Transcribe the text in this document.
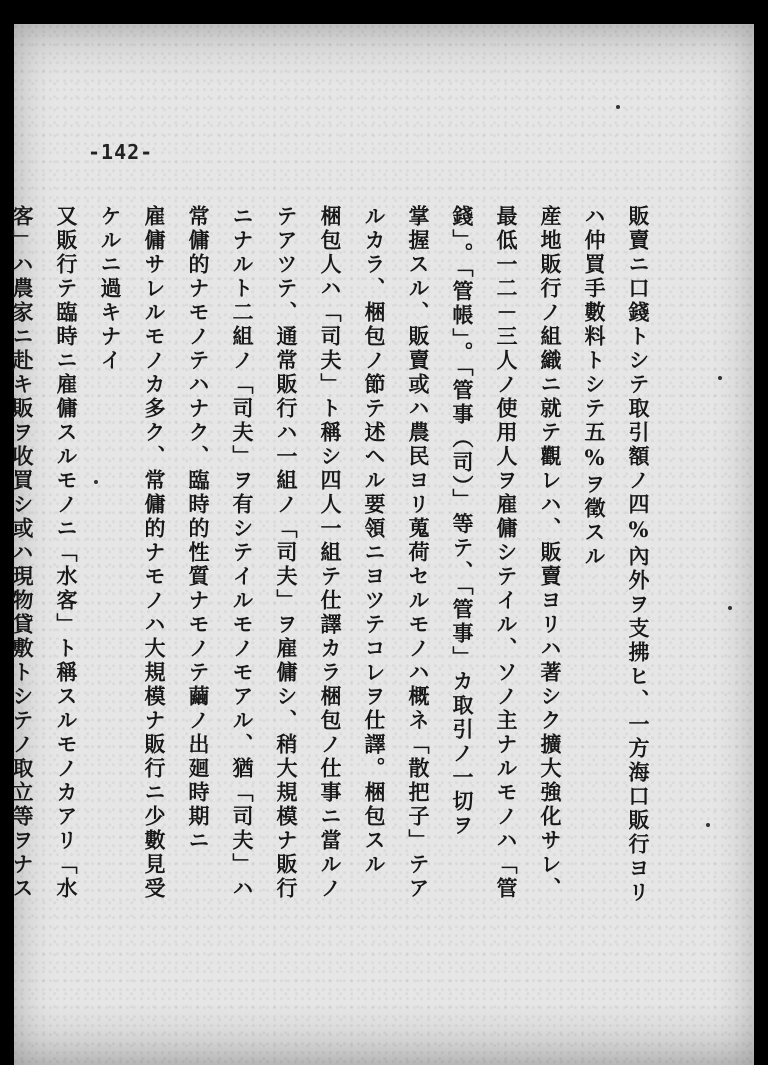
-142-
販賣ニ口錢トシテ取引額ノ四%內外ヲ支拂ヒ、一方海口販行ヨリ
ハ仲買手數料トシテ五%ヲ徵スル
産地販行ノ組織ニ就テ觀レハ、販賣ヨリハ著シク擴大強化サレ、
最低一二－三人ノ使用人ヲ雇傭シテイル、ソノ主ナルモノハ「管
錢」。「管帳」。「管事（司）」等テ、「管事」カ取引ノ一切ヲ
掌握スル、販賣或ハ農民ヨリ蒐荷セルモノハ概ネ「散把子」テア
ルカラ、梱包ノ節テ述ヘル要領ニヨツテコレヲ仕譯。梱包スル
梱包人ハ「司夫」ト稱シ四人一組テ仕譯カラ梱包ノ仕事ニ當ルノ
テアツテ、通常販行ハ一組ノ「司夫」ヲ雇傭シ、稍大規模ナ販行
ニナルト二組ノ「司夫」ヲ有シテイルモノモアル、猶「司夫」ハ
常傭的ナモノテハナク、臨時的性質ナモノテ繭ノ出廻時期ニ
雇傭サレルモノカ多ク、常傭的ナモノハ大規模ナ販行ニ少數見受
ケルニ過キナイ
又販行テ臨時ニ雇傭スルモノニ「水客」ト稱スルモノカアリ「水
客」ハ農家ニ赴キ販ヲ收買シ或ハ現物貸敷トシテノ取立等ヲナス
